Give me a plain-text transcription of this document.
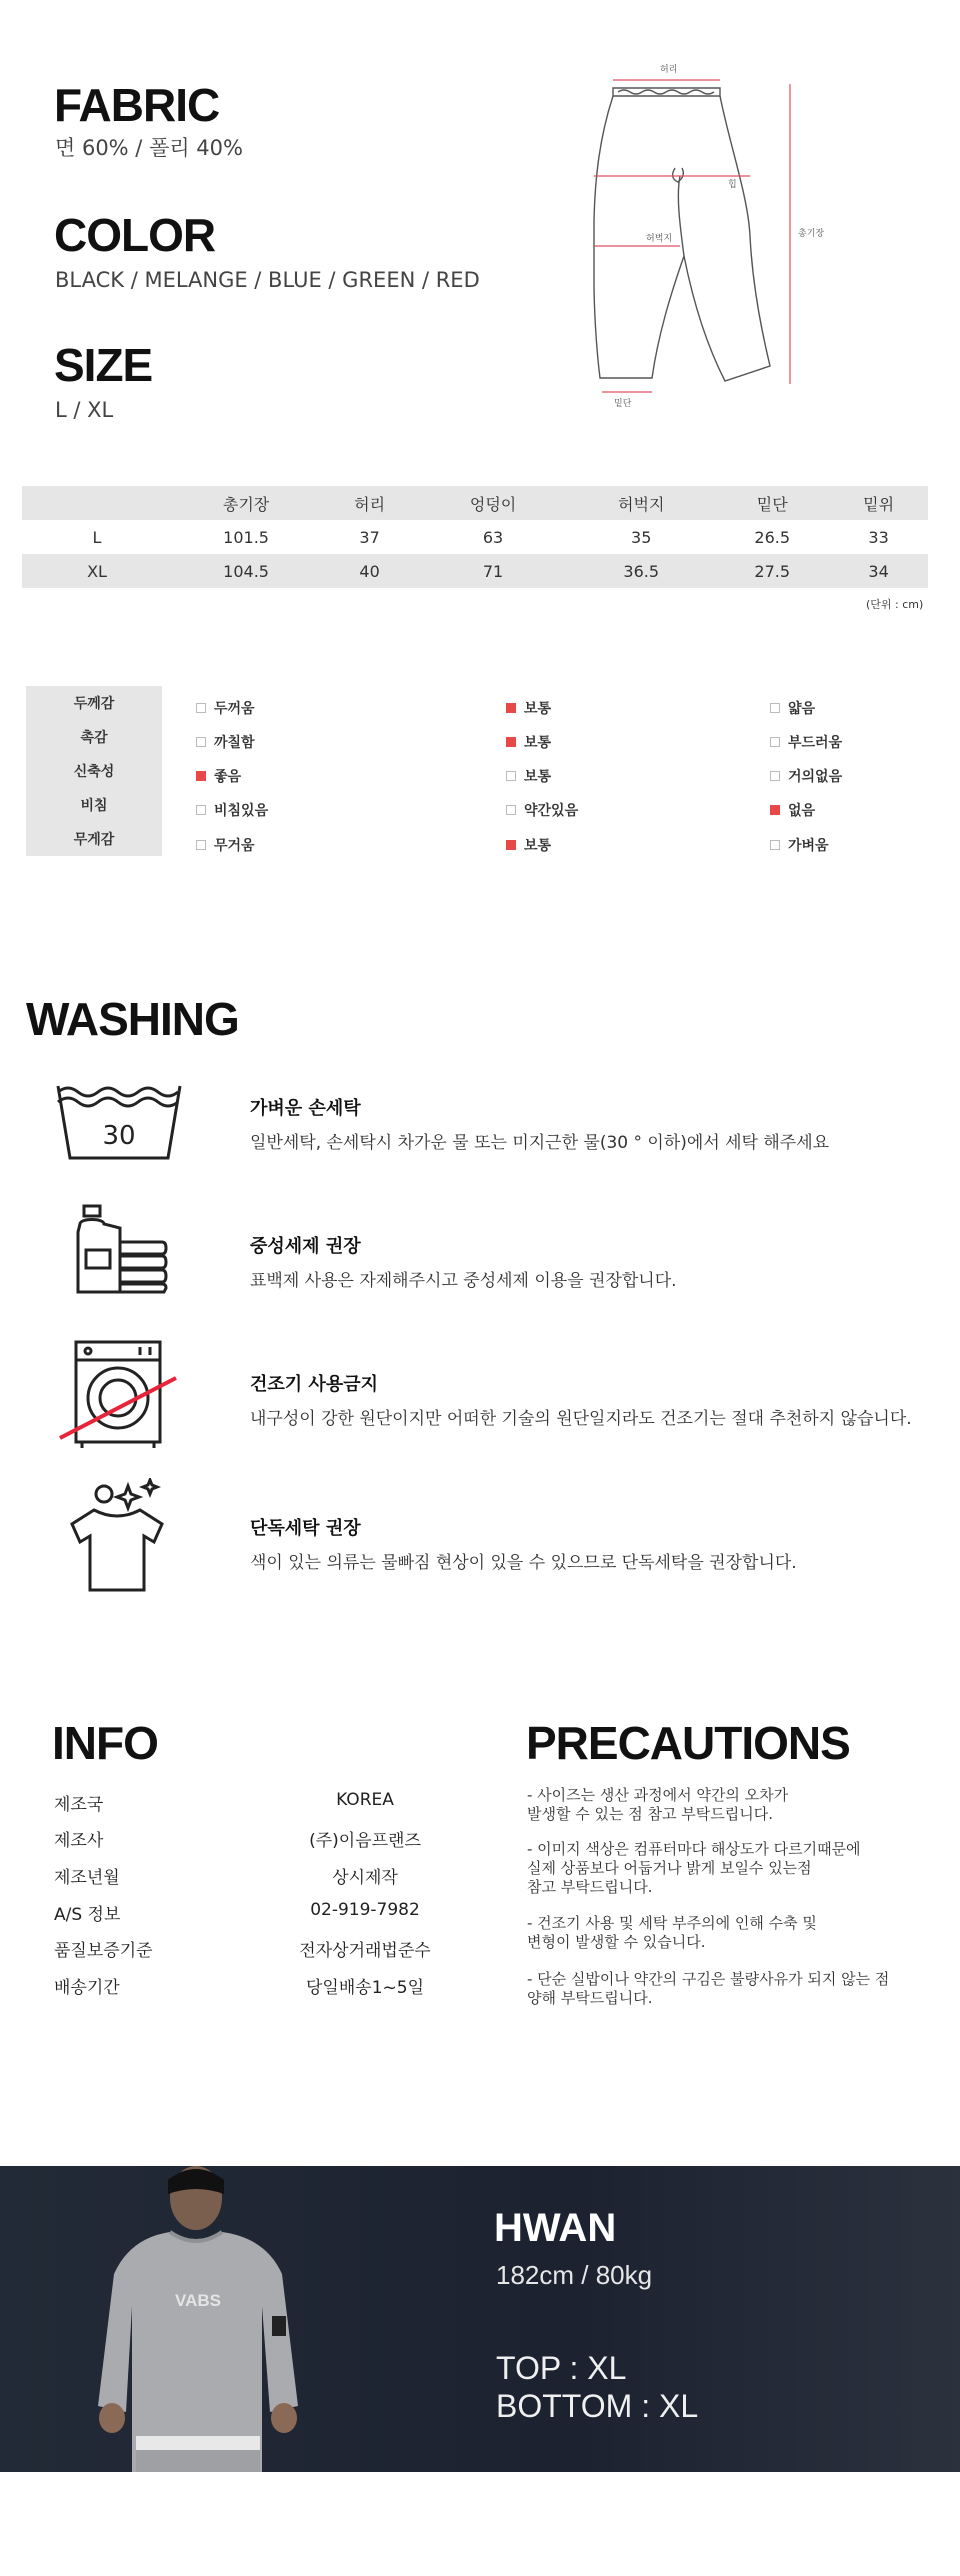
FABRIC
면 60% / 폴리 40%
COLOR
BLACK / MELANGE / BLUE / GREEN / RED
SIZE
L / XL
허리
힙
허벅지	총기장
밑단
	총기장	허리	엉덩이	허벅지	밑단	밑위
L	101.5	37	63	35	26.5	33
XL	104.5	40	71	36.5	27.5	34
(단위 : cm)
두께감	두꺼움	보통	얇음
촉감	까칠함	보통	부드러움
신축성	좋음	보통	거의없음
비침	비침있음	약간있음	없음
무게감	무거움	보통	가벼움
WASHING
30
가벼운 손세탁
일반세탁, 손세탁시 차가운 물 또는 미지근한 물(30 ° 이하)에서 세탁 해주세요
중성세제 권장
표백제 사용은 자제해주시고 중성세제 이용을 권장합니다.
건조기 사용금지
내구성이 강한 원단이지만 어떠한 기술의 원단일지라도 건조기는 절대 추천하지 않습니다.
단독세탁 권장
색이 있는 의류는 물빠짐 현상이 있을 수 있으므로 단독세탁을 권장합니다.
INFO
제조국	KOREA
제조사	(주)이음프랜즈
제조년월	상시제작
A/S 정보	02-919-7982
품질보증기준	전자상거래법준수
배송기간	당일배송1~5일
PRECAUTIONS
- 사이즈는 생산 과정에서 약간의 오차가
발생할 수 있는 점 참고 부탁드립니다.
- 이미지 색상은 컴퓨터마다 해상도가 다르기때문에
실제 상품보다 어둡거나 밝게 보일수 있는점
참고 부탁드립니다.
- 건조기 사용 및 세탁 부주의에 인해 수축 및
변형이 발생할 수 있습니다.
- 단순 실밥이나 약간의 구김은 불량사유가 되지 않는 점
양해 부탁드립니다.
VABS
HWAN
182cm / 80kg
TOP : XL
BOTTOM : XL
